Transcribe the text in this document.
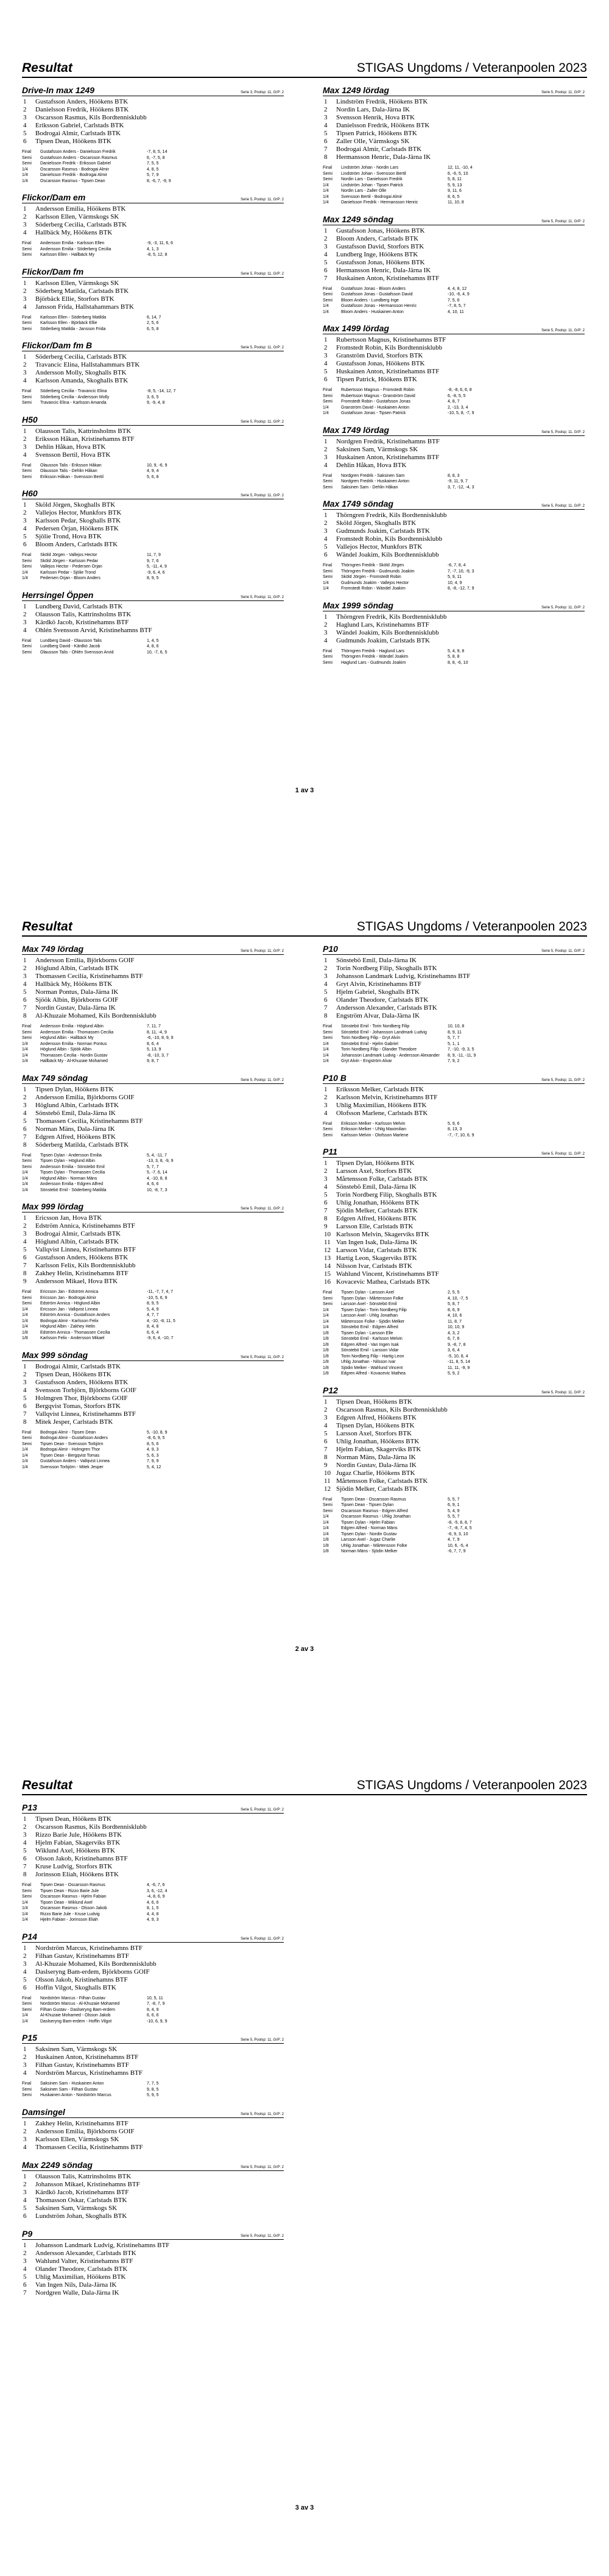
Resultat	STIGAS Ungdoms / Veteranpoolen 2023
Drive-In max 1249	Serie 3, Poolsp: 11, GrP: 2
1	Gustafsson Anders, Höökens BTK
2	Danielsson Fredrik, Höökens BTK
3	Oscarsson Rasmus, Kils Bordtennisklubb
4	Eriksson Gabriel, Carlstads BTK
5	Bodrogai Almir, Carlstads BTK
6	Tipsen Dean, Höökens BTK
Final	Gustafsson Anders - Danielsson Fredrik	-7, 8, 5, 14
Semi	Gustafsson Anders - Oscarsson Rasmus	6, -7, 5, 8
Semi	Danielsson Fredrik - Eriksson Gabriel	7, 5, 5
1/4	Oscarsson Rasmus - Bodrogai Almir	4, 8, 5
1/4	Danielsson Fredrik - Bodrogai Almir	5, 7, 9
1/4	Oscarsson Rasmus - Tipsen Dean	8, -6, 7, -9, 9
Flickor/Dam em	Serie 5, Poolsp: 11, GrP: 2
1	Andersson Emilia, Höökens BTK
2	Karlsson Ellen, Värmskogs SK
3	Söderberg Cecilia, Carlstads BTK
4	Hallbäck My, Höökens BTK
Final	Andersson Emilia - Karlsson Ellen	-9, -3, 11, 6, 6
Semi	Andersson Emilia - Söderberg Cecilia	4, 1, 3
Semi	Karlsson Ellen - Hallbäck My	-8, 5, 12, 8
Flickor/Dam fm	Serie 5, Poolsp: 11, GrP: 2
1	Karlsson Ellen, Värmskogs SK
2	Söderberg Matilda, Carlstads BTK
3	Björbäck Ellie, Storfors BTK
4	Jansson Frida, Hallstahammars BTK
Final	Karlsson Ellen - Söderberg Matilda	6, 14, 7
Semi	Karlsson Ellen - Björbäck Ellie	2, 5, 6
Semi	Söderberg Matilda - Jansson Frida	6, 5, 8
Flickor/Dam fm B	Serie 5, Poolsp: 11, GrP: 2
1	Söderberg Cecilia, Carlstads BTK
2	Travancic Elina, Hallstahammars BTK
3	Andersson Molly, Skoghalls BTK
4	Karlsson Amanda, Skoghalls BTK
Final	Söderberg Cecilia - Travancic Elina	-8, 5, -14, 12, 7
Semi	Söderberg Cecilia - Andersson Molly	3, 6, 5
Semi	Travancic Elina - Karlsson Amanda	9, -9, 4, 8
H50	Serie 5, Poolsp: 11, GrP: 2
1	Olausson Talis, Kattrinsholms BTK
2	Eriksson Håkan, Kristinehamns BTF
3	Dehlin Håkan, Hova BTK
4	Svensson Bertil, Hova BTK
Final	Olausson Talis - Eriksson Håkan	10, 9, -6, 9
Semi	Olausson Talis - Dehlin Håkan	4, 9, 4
Semi	Eriksson Håkan - Svensson Bertil	5, 6, 8
H60	Serie 5, Poolsp: 11, GrP: 2
1	Sköld Jörgen, Skoghalls BTK
2	Vallejos Hector, Munkfors BTK
3	Karlsson Pedar, Skoghalls BTK
4	Pedersen Örjan, Höökens BTK
5	Sjölie Trond, Hova BTK
6	Bloom Anders, Carlstads BTK
Final	Sköld Jörgen - Vallejos Hector	11, 7, 9
Semi	Sköld Jörgen - Karlsson Pedar	9, 7, 6
Semi	Vallejos Hector - Pedersen Örjan	5, -11, 4, 9
1/4	Karlsson Pedar - Sjölie Trond	-9, 6, 4, 6
1/4	Pedersen Örjan - Bloom Anders	8, 9, 5
Herrsingel Öppen	Serie 5, Poolsp: 11, GrP: 2
1	Lundberg David, Carlstads BTK
2	Olausson Talis, Kattrinsholms BTK
3	Kärdkö Jacob, Kristinehamns BTF
4	Ohlén Svensson Arvid, Kristinehamns BTF
Final	Lundberg David - Olausson Talis	1, 4, 5
Semi	Lundberg David - Kärdkö Jacob	4, 8, 6
Semi	Olausson Talis - Ohlén Svensson Arvid	10, -7, 6, 5
Max 1249 lördag	Serie 5, Poolsp: 11, GrP: 2
1	Lindström Fredrik, Höökens BTK
2	Nordin Lars, Dala-Järna IK
3	Svensson Henrik, Hova BTK
4	Danielsson Fredrik, Höökens BTK
5	Tipsen Patrick, Höökens BTK
6	Zaller Olle, Värmskogs SK
7	Bodrogai Almir, Carlstads BTK
8	Hermansson Henric, Dala-Järna IK
Final	Lindström Johan - Nordin Lars	12, 11, -10, 4
Semi	Lindström Johan - Svensson Bertil	6, -6, 5, 10
Semi	Nordin Lars - Danielsson Fredrik	5, 8, 11
1/4	Lindström Johan - Tipsen Patrick	5, 9, 13
1/4	Nordin Lars - Zaller Olle	9, 11, 6
1/4	Svensson Bertil - Bodrogai Almir	8, 6, 5
1/4	Danielsson Fredrik - Hermansson Henric	11, 10, 8
Max 1249 söndag	Serie 5, Poolsp: 11, GrP: 2
1	Gustafsson Jonas, Höökens BTK
2	Bloom Anders, Carlstads BTK
3	Gustafsson David, Storfors BTK
4	Lundberg Inge, Höökens BTK
5	Gustafsson Jonas, Höökens BTK
6	Hermansson Henric, Dala-Järna IK
7	Huskainen Anton, Kristinehamns BTF
Final	Gustafsson Jonas - Bloom Anders	4, 4, 8, 12
Semi	Gustafsson Jonas - Gustafsson David	-10, -6, 4, 9
Semi	Bloom Anders - Lundberg Inge	7, 5, 6
1/4	Gustafsson Jonas - Hermansson Henric	-7, 8, 5, 7
1/4	Bloom Anders - Huskainen Anton	4, 10, 11
Max 1499 lördag	Serie 5, Poolsp: 11, GrP: 2
1	Rubertsson Magnus, Kristinehamns BTF
2	Fromstedt Robin, Kils Bordtennisklubb
3	Granström David, Storfors BTK
4	Gustafsson Jonas, Höökens BTK
5	Huskainen Anton, Kristinehamns BTF
6	Tipsen Patrick, Höökens BTK
Final	Rubertsson Magnus - Fromstedt Robin	-8, -8, 6, 6, 8
Semi	Rubertsson Magnus - Granström David	6, -8, 5, 5
Semi	Fromstedt Robin - Gustafsson Jonas	4, 8, 7
1/4	Granström David - Huskainen Anton	2, -13, 3, 4
1/4	Gustafsson Jonas - Tipsen Patrick	-10, 5, 8, -7, 9
Max 1749 lördag	Serie 5, Poolsp: 11, GrP: 2
1	Nordgren Fredrik, Kristinehamns BTF
2	Saksinen Sam, Värmskogs SK
3	Huskainen Anton, Kristinehamns BTF
4	Dehlin Håkan, Hova BTK
Final	Nordgren Fredrik - Saksinen Sam	8, 8, 3
Semi	Nordgren Fredrik - Huskainen Anton	-9, 11, 9, 7
Semi	Saksinen Sam - Dehlin Håkan	3, 7, -12, -4, 3
Max 1749 söndag	Serie 5, Poolsp: 11, GrP: 2
1	Thörngren Fredrik, Kils Bordtennisklubb
2	Sköld Jörgen, Skoghalls BTK
3	Gudmunds Joakim, Carlstads BTK
4	Fromstedt Robin, Kils Bordtennisklubb
5	Vallejos Hector, Munkfors BTK
6	Wändel Joakim, Kils Bordtennisklubb
Final	Thörngren Fredrik - Sköld Jörgen	-6, 7, 8, 4
Semi	Thörngren Fredrik - Gudmunds Joakim	7, -7, 10, -9, 3
Semi	Sköld Jörgen - Fromstedt Robin	5, 9, 11
1/4	Gudmunds Joakim - Vallejos Hector	10, 4, 9
1/4	Fromstedt Robin - Wändel Joakim	8, -8, -12, 7, 9
Max 1999 söndag	Serie 5, Poolsp: 11, GrP: 2
1	Thörngren Fredrik, Kils Bordtennisklubb
2	Haglund Lars, Kristinehamns BTF
3	Wändel Joakim, Kils Bordtennisklubb
4	Gudmunds Joakim, Carlstads BTK
Final	Thörngren Fredrik - Haglund Lars	5, 4, 9, 8
Semi	Thörngren Fredrik - Wändel Joakim	5, 8, 8
Semi	Haglund Lars - Gudmunds Joakim	8, 8, -6, 10
1 av 3
Resultat	STIGAS Ungdoms / Veteranpoolen 2023
Max 749 lördag	Serie 5, Poolsp: 11, GrP: 2
1	Andersson Emilia, Björkborns GOIF
2	Höglund Albin, Carlstads BTK
3	Thomassen Cecilia, Kristinehamns BTF
4	Hallbäck My, Höökens BTK
5	Norman Pontus, Dala-Järna IK
6	Sjöök Albin, Björkborns GOIF
7	Nordin Gustav, Dala-Järna IK
8	Al-Khuzaie Mohamed, Kils Bordtennisklubb
Final	Andersson Emilia - Höglund Albin	7, 11, 7
Semi	Andersson Emilia - Thomassen Cecilia	8, 11, -4, 9
Semi	Höglund Albin - Hallbäck My	-6, -10, 8, 9, 9
1/4	Andersson Emilia - Norman Pontus	8, 6, 4
1/4	Höglund Albin - Sjöök Albin	5, 13, 9
1/4	Thomassen Cecilia - Nordin Gustav	-8, -10, 3, 7
1/4	Hallbäck My - Al-Khuzaie Mohamed	9, 8, 7
Max 749 söndag	Serie 5, Poolsp: 11, GrP: 2
1	Tipsen Dylan, Höökens BTK
2	Andersson Emilia, Björkborns GOIF
3	Höglund Albin, Carlstads BTK
4	Sönstebö Emil, Dala-Järna IK
5	Thomassen Cecilia, Kristinehamns BTF
6	Norman Mäns, Dala-Järna IK
7	Edgren Alfred, Höökens BTK
8	Söderberg Matilda, Carlstads BTK
Final	Tipsen Dylan - Andersson Emilia	5, 4, -11, 7
Semi	Tipsen Dylan - Höglund Albin	-13, 3, 8, -9, 9
Semi	Andersson Emilia - Sönstebö Emil	5, 7, 7
1/4	Tipsen Dylan - Thomassen Cecilia	5, -7, 6, 14
1/4	Höglund Albin - Norman Mäns	4, -10, 8, 8
1/4	Andersson Emilia - Edgren Alfred	4, 6, 6
1/4	Sönstebö Emil - Söderberg Matilda	10, -8, 7, 3
Max 999 lördag	Serie 5, Poolsp: 11, GrP: 2
1	Ericsson Jan, Hova BTK
2	Edström Annica, Kristinehamns BTF
3	Bodrogai Almir, Carlstads BTK
4	Höglund Albin, Carlstads BTK
5	Vallqvist Linnea, Kristinehamns BTF
6	Gustafsson Anders, Höökens BTK
7	Karlsson Felix, Kils Bordtennisklubb
8	Zakhey Helin, Kristinehamns BTF
9	Andersson Mikael, Hova BTK
Final	Ericsson Jan - Edström Annica	-11, -7, 7, 4, 7
Semi	Ericsson Jan - Bodrogai Almir	-10, 5, 6, 9
Semi	Edström Annica - Höglund Albin	8, 9, 5
1/4	Ericsson Jan - Vallqvist Linnea	5, 4, 9
1/4	Edström Annica - Gustafsson Anders	4, 7, 7
1/4	Bodrogai Almir - Karlsson Felix	4, -10, -8, 11, 5
1/4	Höglund Albin - Zakhey Helin	8, 4, 8
1/8	Edström Annica - Thomassen Cecilia	6, 6, 4
1/8	Karlsson Felix - Andersson Mikael	-9, 6, 4, -10, 7
Max 999 söndag	Serie 5, Poolsp: 11, GrP: 2
1	Bodrogai Almir, Carlstads BTK
2	Tipsen Dean, Höökens BTK
3	Gustafsson Anders, Höökens BTK
4	Svensson Torbjörn, Björkborns GOIF
5	Holmgren Thor, Björkborns GOIF
6	Bergqvist Tomas, Storfors BTK
7	Vallqvist Linnea, Kristinehamns BTF
8	Mitek Jesper, Carlstads BTK
Final	Bodrogai Almir - Tipsen Dean	5, -10, 8, 9
Semi	Bodrogai Almir - Gustafsson Anders	-8, 6, 9, 5
Semi	Tipsen Dean - Svensson Torbjörn	8, 5, 6
1/4	Bodrogai Almir - Holmgren Thor	4, 9, 3
1/4	Tipsen Dean - Bergqvist Tomas	5, 6, 3
1/4	Gustafsson Anders - Vallqvist Linnea	7, 9, 9
1/4	Svensson Torbjörn - Mitek Jesper	5, 4, 12
P10	Serie 5, Poolsp: 11, GrP: 2
1	Sönstebö Emil, Dala-Järna IK
2	Torin Nordberg Filip, Skoghalls BTK
3	Johansson Landmark Ludvig, Kristinehamns BTF
4	Gryt Alvin, Kristinehamns BTF
5	Hjelm Gabriel, Skoghalls BTK
6	Olander Theodore, Carlstads BTK
7	Andersson Alexander, Carlstads BTK
8	Engström Alvar, Dala-Järna IK
Final	Sönstebö Emil - Torin Nordberg Filip	10, 10, 8
Semi	Sönstebö Emil - Johansson Landmark Ludvig	8, 9, 11
Semi	Torin Nordberg Filip - Gryt Alvin	5, 7, 7
1/4	Sönstebö Emil - Hjelm Gabriel	5, 1, 1
1/4	Torin Nordberg Filip - Olander Theodore	7, -10, -9, 3, 5
1/4	Johansson Landmark Ludvig - Andersson Alexander	8, 9, -11, -11, 9
1/4	Gryt Alvin - Engström Alvar	7, 9, 2
P10 B	Serie 5, Poolsp: 11, GrP: 2
1	Eriksson Melker, Carlstads BTK
2	Karlsson Melvin, Kristinehamns BTF
3	Uhlig Maximilian, Höökens BTK
4	Olofsson Marlene, Carlstads BTK
Final	Eriksson Melker - Karlsson Melvin	5, 9, 6
Semi	Eriksson Melker - Uhlig Maximilian	8, 13, 3
Semi	Karlsson Melvin - Olofsson Marlene	-7, -7, 10, 6, 9
P11	Serie 5, Poolsp: 11, GrP: 2
1	Tipsen Dylan, Höökens BTK
2	Larsson Axel, Storfors BTK
3	Mårtensson Folke, Carlstads BTK
4	Sönstebö Emil, Dala-Järna IK
5	Torin Nordberg Filip, Skoghalls BTK
6	Uhlig Jonathan, Höökens BTK
7	Sjödin Melker, Carlstads BTK
8	Edgren Alfred, Höökens BTK
9	Larsson Elle, Carlstads BTK
10 Karlsson Melvin, Skagerviks BTK
11 Van Ingen Isak, Dala-Järna IK
12 Larsson Vidar, Carlstads BTK
13 Hartig Leon, Skagerviks BTK
14 Nilsson Ivar, Carlstads BTK
15 Wahlund Vincent, Kristinehamns BTF
16 Kovacevic Mathea, Carlstads BTK
Final	Tipsen Dylan - Larsson Axel	2, 5, 5
Semi	Tipsen Dylan - Mårtensson Folke	4, 10, -7, 5
Semi	Larsson Axel - Sönstebö Emil	5, 8, 7
1/4	Tipsen Dylan - Torin Nordberg Filip	8, 6, 9
1/4	Larsson Axel - Uhlig Jonathan	4, 10, 6
1/4	Mårtensson Folke - Sjödin Melker	11, 8, 7
1/4	Sönstebö Emil - Edgren Alfred	10, 10, 9
1/8	Tipsen Dylan - Larsson Elle	4, 3, 2
1/8	Sönstebö Emil - Karlsson Melvin	6, 7, 6
1/8	Edgren Alfred - Van Ingen Isak	9, -8, 7, 8
1/8	Sönstebö Emil - Larsson Vidar	3, 6, 4
1/8	Torin Nordberg Filip - Hartig Leon	-5, 10, 8, 4
1/8	Uhlig Jonathan - Nilsson Ivar	-11, 8, 5, 14
1/8	Sjödin Melker - Wahlund Vincent	11, 11, -9, 9
1/8	Edgren Alfred - Kovacevic Mathea	5, 9, 2
P12	Serie 5, Poolsp: 11, GrP: 2
1	Tipsen Dean, Höökens BTK
2	Oscarsson Rasmus, Kils Bordtennisklubb
3	Edgren Alfred, Höökens BTK
4	Tipsen Dylan, Höökens BTK
5	Larsson Axel, Storfors BTK
6	Uhlig Jonathan, Höökens BTK
7	Hjelm Fabian, Skagerviks BTK
8	Norman Mäns, Dala-Järna IK
9	Nordin Gustav, Dala-Järna IK
10 Jugaz Charlie, Höökens BTK
11 Mårtensson Folke, Carlstads BTK
12 Sjödin Melker, Carlstads BTK
Final	Tipsen Dean - Oscarsson Rasmus	5, 5, 7
Semi	Tipsen Dean - Tipsen Dylan	6, 9, 1
Semi	Oscarsson Rasmus - Edgren Alfred	5, 4, 9
1/4	Oscarsson Rasmus - Uhlig Jonathan	5, 5, 7
1/4	Tipsen Dylan - Hjelm Fabian	-8, -5, 8, 8, 7
1/4	Edgren Alfred - Norman Mäns	-7, -8, 7, 4, 5
1/4	Tipsen Dylan - Nordin Gustav	-6, 9, 3, 10
1/8	Larsson Axel - Jugaz Charlie	4, 7, 9
1/8	Uhlig Jonathan - Mårtensson Folke	10, 6, -5, 4
1/8	Norman Mäns - Sjödin Melker	-6, 7, 7, 9
2 av 3
Resultat	STIGAS Ungdoms / Veteranpoolen 2023
P13	Serie 5, Poolsp: 11, GrP: 2
1	Tipsen Dean, Höökens BTK
2	Oscarsson Rasmus, Kils Bordtennisklubb
3	Rizzo Barie Jule, Höökens BTK
4	Hjelm Fabian, Skagerviks BTK
5	Wiklund Axel, Höökens BTK
6	Olsson Jakob, Kristinehamns BTF
7	Kruse Ludvig, Storfors BTK
8	Jorinsson Eliah, Höökens BTK
Final	Tipsen Dean - Oscarsson Rasmus	4, -6, 7, 6
Semi	Tipsen Dean - Rizzo Barie Jule	3, 6, -12, 4
Semi	Oscarsson Rasmus - Hjelm Fabian	-4, 8, 6, 9
1/4	Tipsen Dean - Wiklund Axel	4, 6, 6
1/4	Oscarsson Rasmus - Olsson Jakob	8, 1, 5
1/4	Rizzo Barie Jule - Kruse Ludvig	4, 4, 8
1/4	Hjelm Fabian - Jorinsson Eliah	4, 9, 3
P14	Serie 5, Poolsp: 11, GrP: 2
1	Nordström Marcus, Kristinehamns BTF
2	Filhan Gustav, Kristinehamns BTF
3	Al-Khuzaie Mohamed, Kils Bordtennisklubb
4	Daslseryng Bam-erdem, Björkborns GOIF
5	Olsson Jakob, Kristinehamns BTF
6	Hoffin Vilgot, Skoghalls BTK
Final	Nordström Marcus - Filhan Gustav	10, 5, 11
Semi	Nordström Marcus - Al-Khuzaie Mohamed	7, -8, 7, 9
Semi	Filhan Gustav - Daslseryng Bam-erdem	8, 4, 9
1/4	Al-Khuzaie Mohamed - Olsson Jakob	6, 6, 6
1/4	Daslseryng Bam-erdem - Hoffin Vilgot	-10, 6, 9, 9
P15	Serie 5, Poolsp: 11, GrP: 2
1	Saksinen Sam, Värmskogs SK
2	Huskainen Anton, Kristinehamns BTF
3	Filhan Gustav, Kristinehamns BTF
4	Nordström Marcus, Kristinehamns BTF
Final	Saksinen Sam - Huskainen Anton	7, 7, 5
Semi	Saksinen Sam - Filhan Gustav	9, 8, 5
Semi	Huskainen Anton - Nordström Marcus	5, 9, 5
Damsingel	Serie 5, Poolsp: 11, GrP: 2
1	Zakhey Helin, Kristinehamns BTF
2	Andersson Emilia, Björkborns GOIF
3	Karlsson Ellen, Värmskogs SK
4	Thomassen Cecilia, Kristinehamns BTF
Max 2249 söndag	Serie 5, Poolsp: 11, GrP: 2
1	Olausson Talis, Kattrinsholms BTK
2	Johansson Mikael, Kristinehamns BTF
3	Kärdkö Jacob, Kristinehamns BTF
4	Thomasson Oskar, Carlstads BTK
5	Saksinen Sam, Värmskogs SK
6	Lundström Johan, Skoghalls BTK
P9	Serie 5, Poolsp: 11, GrP: 2
1	Johansson Landmark Ludvig, Kristinehamns BTF
2	Andersson Alexander, Carlstads BTK
3	Wahlund Valter, Kristinehamns BTF
4	Olander Theodore, Carlstads BTK
5	Uhlig Maximilian, Höökens BTK
6	Van Ingen Nils, Dala-Järna IK
7	Nordgren Walle, Dala-Järna IK
3 av 3
